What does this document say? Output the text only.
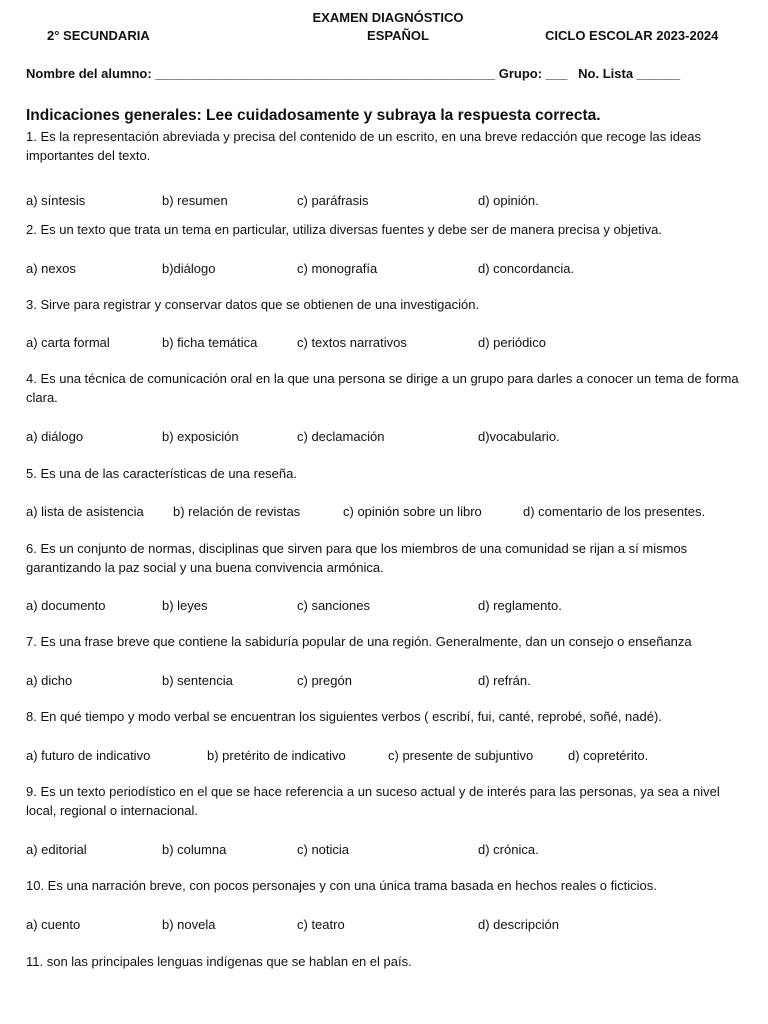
EXAMEN DIAGNÓSTICO
2° SECUNDARIA	ESPAÑOL	CICLO ESCOLAR 2023-2024
Nombre del alumno: _______________________________________________ Grupo: ___   No. Lista ______
Indicaciones generales: Lee cuidadosamente y subraya la respuesta correcta.
1. Es la representación abreviada y precisa del contenido de un escrito, en una breve redacción que recoge las ideas importantes del texto.
a) síntesis	b) resumen	c) paráfrasis	d) opinión.
2. Es un texto que trata un tema en particular, utiliza diversas fuentes y debe ser de manera precisa y objetiva.
a) nexos	b)diálogo	c) monografía	d) concordancia.
3. Sirve para registrar y conservar datos que se obtienen de una investigación.
a) carta formal	b) ficha temática	c) textos narrativos	d) periódico
4. Es una técnica de comunicación oral en la que una persona se dirige a un grupo para darles a conocer un tema de forma clara.
a) diálogo	b) exposición	c) declamación	d)vocabulario.
5. Es una de las características de una reseña.
a) lista de asistencia b) relación de revistas	c) opinión sobre un libro	d) comentario de los presentes.
6. Es un conjunto de normas, disciplinas que sirven para que los miembros de una comunidad se rijan a sí mismos garantizando la paz social y una buena convivencia armónica.
a) documento	b) leyes	c) sanciones	d) reglamento.
7. Es una frase breve que contiene la sabiduría popular de una región. Generalmente, dan un consejo o enseñanza
a) dicho	b) sentencia	c) pregón	d) refrán.
8. En qué tiempo y modo verbal se encuentran los siguientes verbos ( escribí, fui, canté, reprobé, soñé, nadé).
a) futuro de indicativo	b) pretérito de indicativo	c) presente de subjuntivo	d) copretérito.
9. Es un texto periodístico en el que se hace referencia a un suceso actual y de interés para las personas, ya sea a nivel local, regional o internacional.
a) editorial	b) columna	c) noticia	d) crónica.
10. Es una narración breve, con pocos personajes y con una única trama basada en hechos reales o ficticios.
a) cuento	b) novela	c) teatro	d) descripción
11. son las principales lenguas indígenas que se hablan en el país.
